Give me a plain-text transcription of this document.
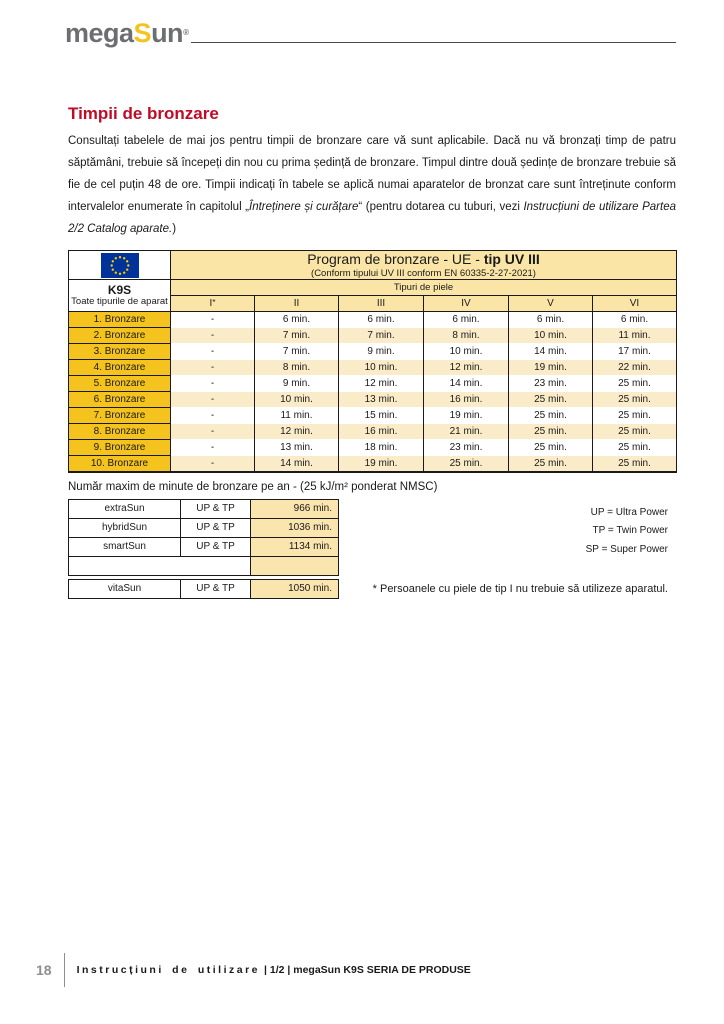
megaSun®
Timpii de bronzare

Consultați tabelele de mai jos pentru timpii de bronzare care vă sunt aplicabile. Dacă nu vă bronzați timp de patru săptămâni, trebuie să începeți din nou cu prima ședință de bronzare. Timpul dintre două ședințe de bronzare trebuie să fie de cel puțin 48 de ore. Timpii indicați în tabele se aplică numai aparatelor de bronzat care sunt întreținute conform intervalelor enumerate în capitolul „Întreținere și curățare“ (pentru dotarea cu tuburi, vezi Instrucțiuni de utilizare Partea 2/2 Catalog aparate.)

Program de bronzare - UE - tip UV III
(Conform tipului UV III conform EN 60335-2-27-2021)					

K9S
Toate tipurile de aparat	Tipuri de piele					
	I*	II	III	IV	V	VI
1. Bronzare	-	6 min.	6 min.	6 min.	6 min.	6 min.
2. Bronzare	-	7 min.	7 min.	8 min.	10 min.	11 min.
3. Bronzare	-	7 min.	9 min.	10 min.	14 min.	17 min.
4. Bronzare	-	8 min.	10 min.	12 min.	19 min.	22 min.
5. Bronzare	-	9 min.	12 min.	14 min.	23 min.	25 min.
6. Bronzare	-	10 min.	13 min.	16 min.	25 min.	25 min.
7. Bronzare	-	11 min.	15 min.	19 min.	25 min.	25 min.
8. Bronzare	-	12 min.	16 min.	21 min.	25 min.	25 min.
9. Bronzare	-	13 min.	18 min.	23 min.	25 min.	25 min.
10. Bronzare	-	14 min.	19 min.	25 min.	25 min.	25 min.
Număr maxim de minute de bronzare pe an - (25 kJ/m² ponderat NMSC)
extraSun	UP & TP	966 min.
hybridSun	UP & TP	1036 min.
smartSun	UP & TP	1134 min.

vitaSun	UP & TP	1050 min.
UP = Ultra Power
TP = Twin Power
SP = Super Power
* Persoanele cu piele de tip I nu trebuie să utilizeze aparatul.
18 Instrucțiuni de utilizare | 1/2 | megaSun K9S SERIA DE PRODUSE
